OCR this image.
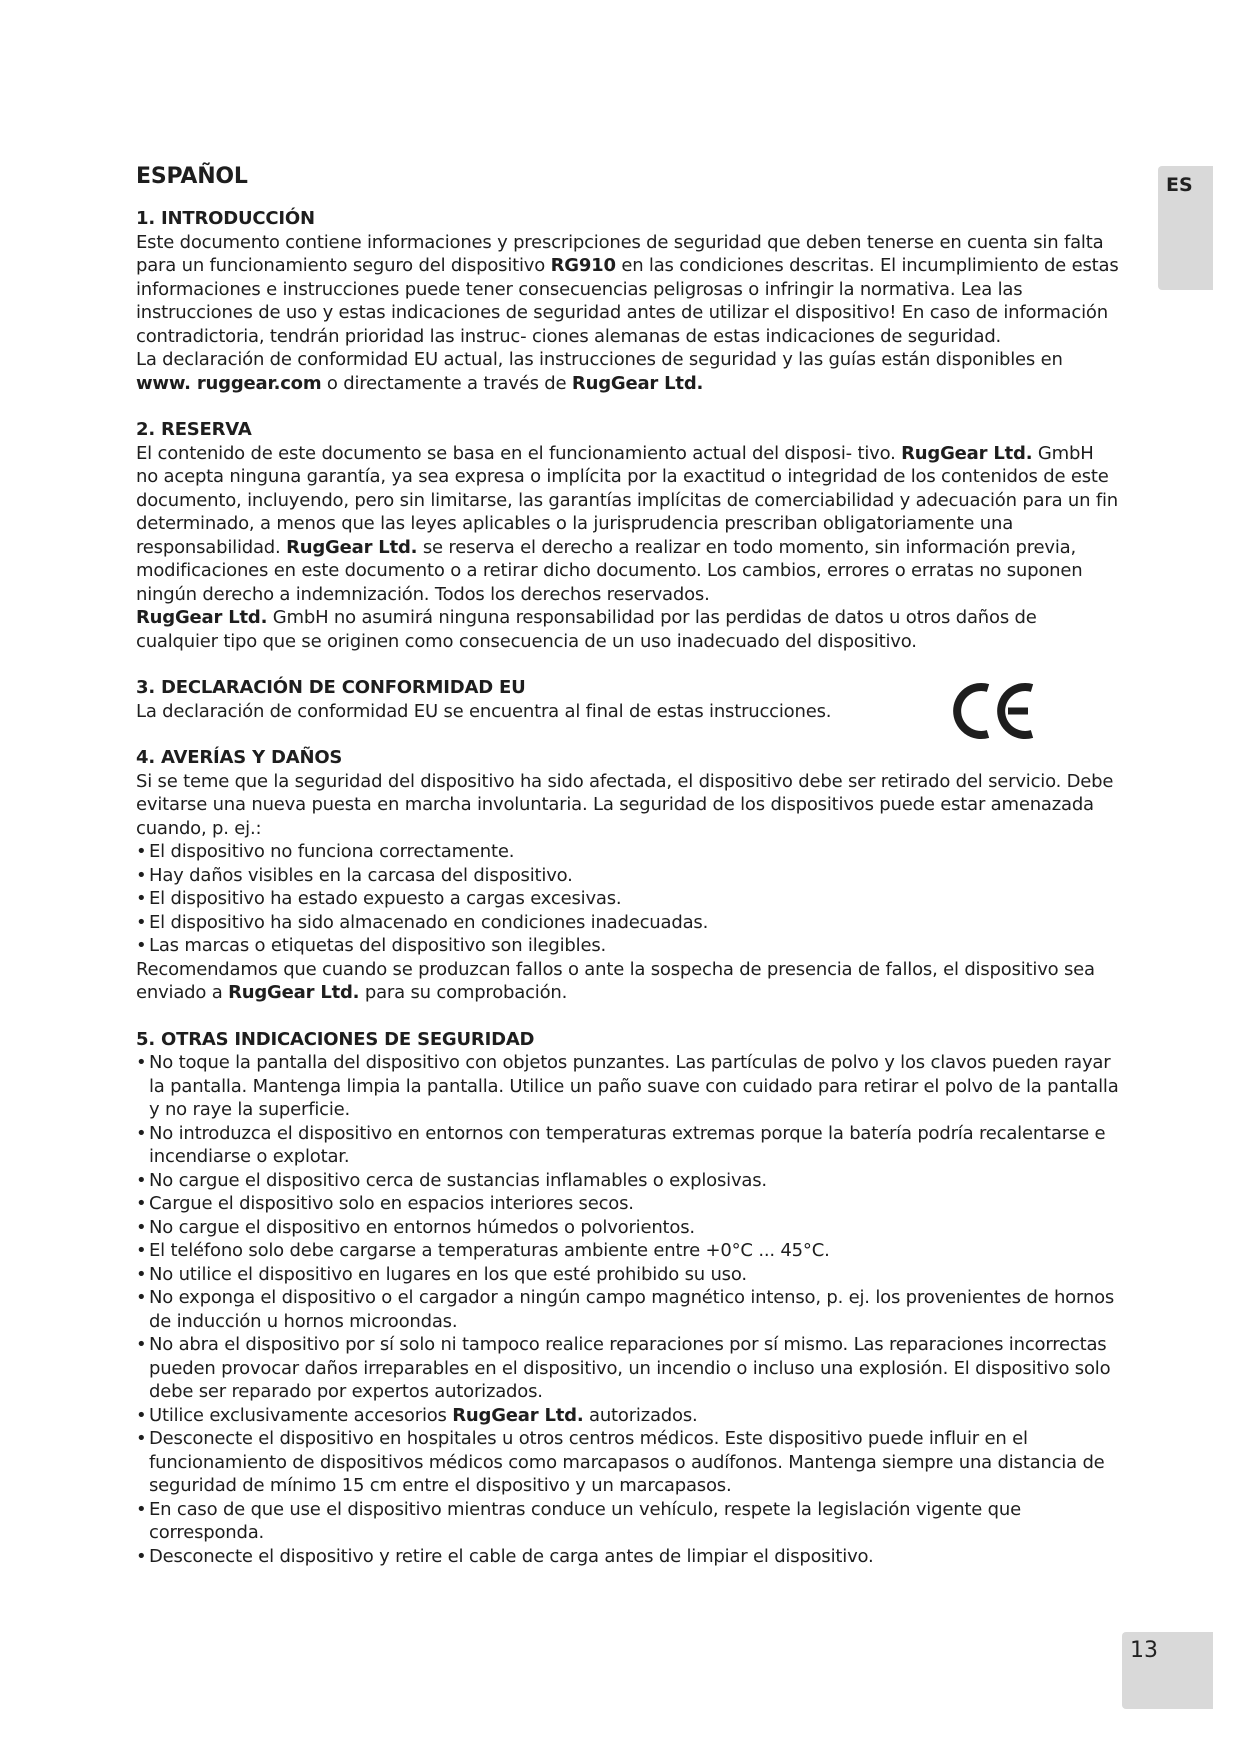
ES
ESPAÑOL

1. INTRODUCCIÓN

Este documento contiene informaciones y prescripciones de seguridad que deben tenerse en cuenta sin falta para un funcionamiento seguro del dispositivo RG910 en las condiciones descritas. El incumplimiento de estas informaciones e instrucciones puede tener consecuencias peligrosas o infringir la normativa. Lea las instrucciones de uso y estas indicaciones de seguridad antes de utilizar el dispositivo! En caso de información contradictoria, tendrán prioridad las instruc- ciones alemanas de estas indicaciones de seguridad.

La declaración de conformidad EU actual, las instrucciones de seguridad y las guías están disponibles en www. ruggear.com o directamente a través de RugGear Ltd.

2. RESERVA

El contenido de este documento se basa en el funcionamiento actual del disposi- tivo. RugGear Ltd. GmbH no acepta ninguna garantía, ya sea expresa o implícita por la exactitud o integridad de los contenidos de este documento, incluyendo, pero sin limitarse, las garantías implícitas de comerciabilidad y adecuación para un fin determinado, a menos que las leyes aplicables o la jurisprudencia prescriban obligatoriamente una responsabilidad. RugGear Ltd. se reserva el derecho a realizar en todo momento, sin información previa, modificaciones en este documento o a retirar dicho documento. Los cambios, errores o erratas no suponen ningún derecho a indemnización. Todos los derechos reservados.

RugGear Ltd. GmbH no asumirá ninguna responsabilidad por las perdidas de datos u otros daños de cualquier tipo que se originen como consecuencia de un uso inadecuado del dispositivo.

3. DECLARACIÓN DE CONFORMIDAD EU

La declaración de conformidad EU se encuentra al final de estas instrucciones.

4. AVERÍAS Y DAÑOS

Si se teme que la seguridad del dispositivo ha sido afectada, el dispositivo debe ser retirado del servicio. Debe evitarse una nueva puesta en marcha involuntaria. La seguridad de los dispositivos puede estar amenazada cuando, p. ej.:

• El dispositivo no funciona correctamente.
• Hay daños visibles en la carcasa del dispositivo.
• El dispositivo ha estado expuesto a cargas excesivas.
• El dispositivo ha sido almacenado en condiciones inadecuadas.
• Las marcas o etiquetas del dispositivo son ilegibles.

Recomendamos que cuando se produzcan fallos o ante la sospecha de presencia de fallos, el dispositivo sea enviado a RugGear Ltd. para su comprobación.

5. OTRAS INDICACIONES DE SEGURIDAD

• No toque la pantalla del dispositivo con objetos punzantes. Las partículas de polvo y los clavos pueden rayar la pantalla. Mantenga limpia la pantalla. Utilice un paño suave con cuidado para retirar el polvo de la pantalla y no raye la superficie.
• No introduzca el dispositivo en entornos con temperaturas extremas porque la batería podría recalentarse e incendiarse o explotar.
• No cargue el dispositivo cerca de sustancias inflamables o explosivas.
• Cargue el dispositivo solo en espacios interiores secos.
• No cargue el dispositivo en entornos húmedos o polvorientos.
• El teléfono solo debe cargarse a temperaturas ambiente entre +0°C ... 45°C.
• No utilice el dispositivo en lugares en los que esté prohibido su uso.
• No exponga el dispositivo o el cargador a ningún campo magnético intenso, p. ej. los provenientes de hornos de inducción u hornos microondas.
• No abra el dispositivo por sí solo ni tampoco realice reparaciones por sí mismo. Las reparaciones incorrectas pueden provocar daños irreparables en el dispositivo, un incendio o incluso una explosión. El dispositivo solo debe ser reparado por expertos autorizados.
• Utilice exclusivamente accesorios RugGear Ltd. autorizados.
• Desconecte el dispositivo en hospitales u otros centros médicos. Este dispositivo puede influir en el funcionamiento de dispositivos médicos como marcapasos o audífonos. Mantenga siempre una distancia de seguridad de mínimo 15 cm entre el dispositivo y un marcapasos.
• En caso de que use el dispositivo mientras conduce un vehículo, respete la legislación vigente que corresponda.
• Desconecte el dispositivo y retire el cable de carga antes de limpiar el dispositivo.
13
